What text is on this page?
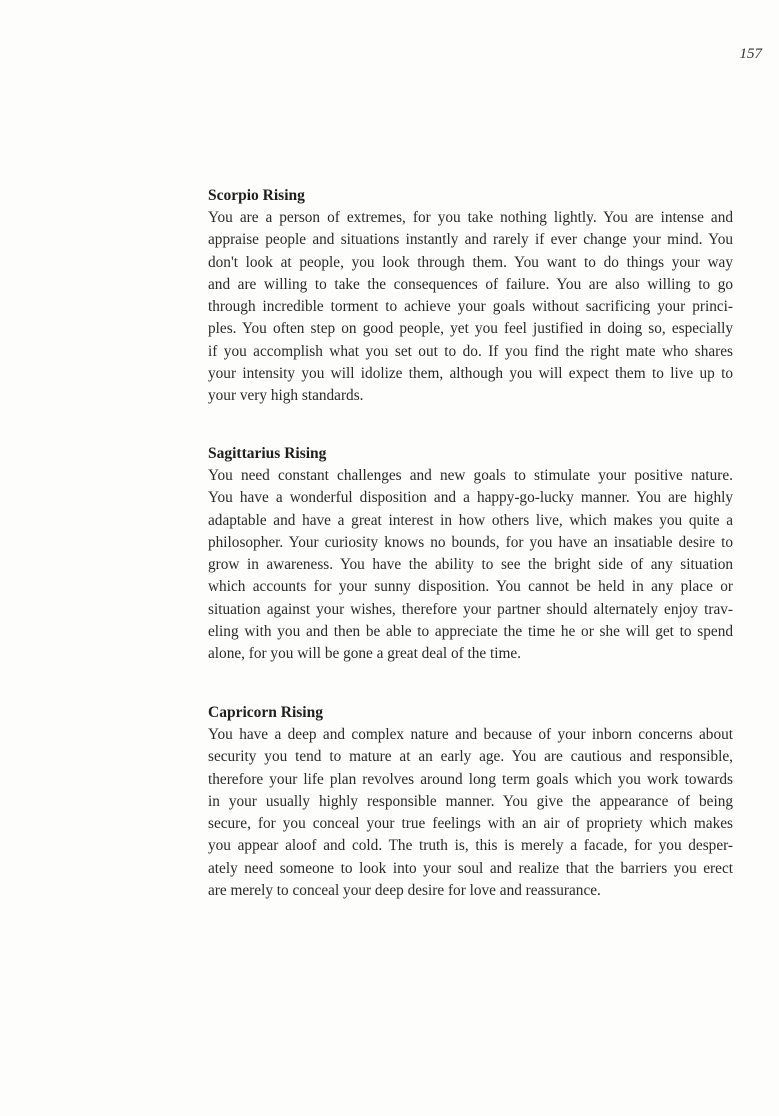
157
Scorpio Rising
You are a person of extremes, for you take nothing lightly. You are intense and
appraise people and situations instantly and rarely if ever change your mind. You
don't look at people, you look through them. You want to do things your way
and are willing to take the consequences of failure. You are also willing to go
through incredible torment to achieve your goals without sacrificing your princi-
ples. You often step on good people, yet you feel justified in doing so, especially
if you accomplish what you set out to do. If you find the right mate who shares
your intensity you will idolize them, although you will expect them to live up to
your very high standards.
Sagittarius Rising
You need constant challenges and new goals to stimulate your positive nature.
You have a wonderful disposition and a happy-go-lucky manner. You are highly
adaptable and have a great interest in how others live, which makes you quite a
philosopher. Your curiosity knows no bounds, for you have an insatiable desire to
grow in awareness. You have the ability to see the bright side of any situation
which accounts for your sunny disposition. You cannot be held in any place or
situation against your wishes, therefore your partner should alternately enjoy trav-
eling with you and then be able to appreciate the time he or she will get to spend
alone, for you will be gone a great deal of the time.
Capricorn Rising
You have a deep and complex nature and because of your inborn concerns about
security you tend to mature at an early age. You are cautious and responsible,
therefore your life plan revolves around long term goals which you work towards
in your usually highly responsible manner. You give the appearance of being
secure, for you conceal your true feelings with an air of propriety which makes
you appear aloof and cold. The truth is, this is merely a facade, for you desper-
ately need someone to look into your soul and realize that the barriers you erect
are merely to conceal your deep desire for love and reassurance.
